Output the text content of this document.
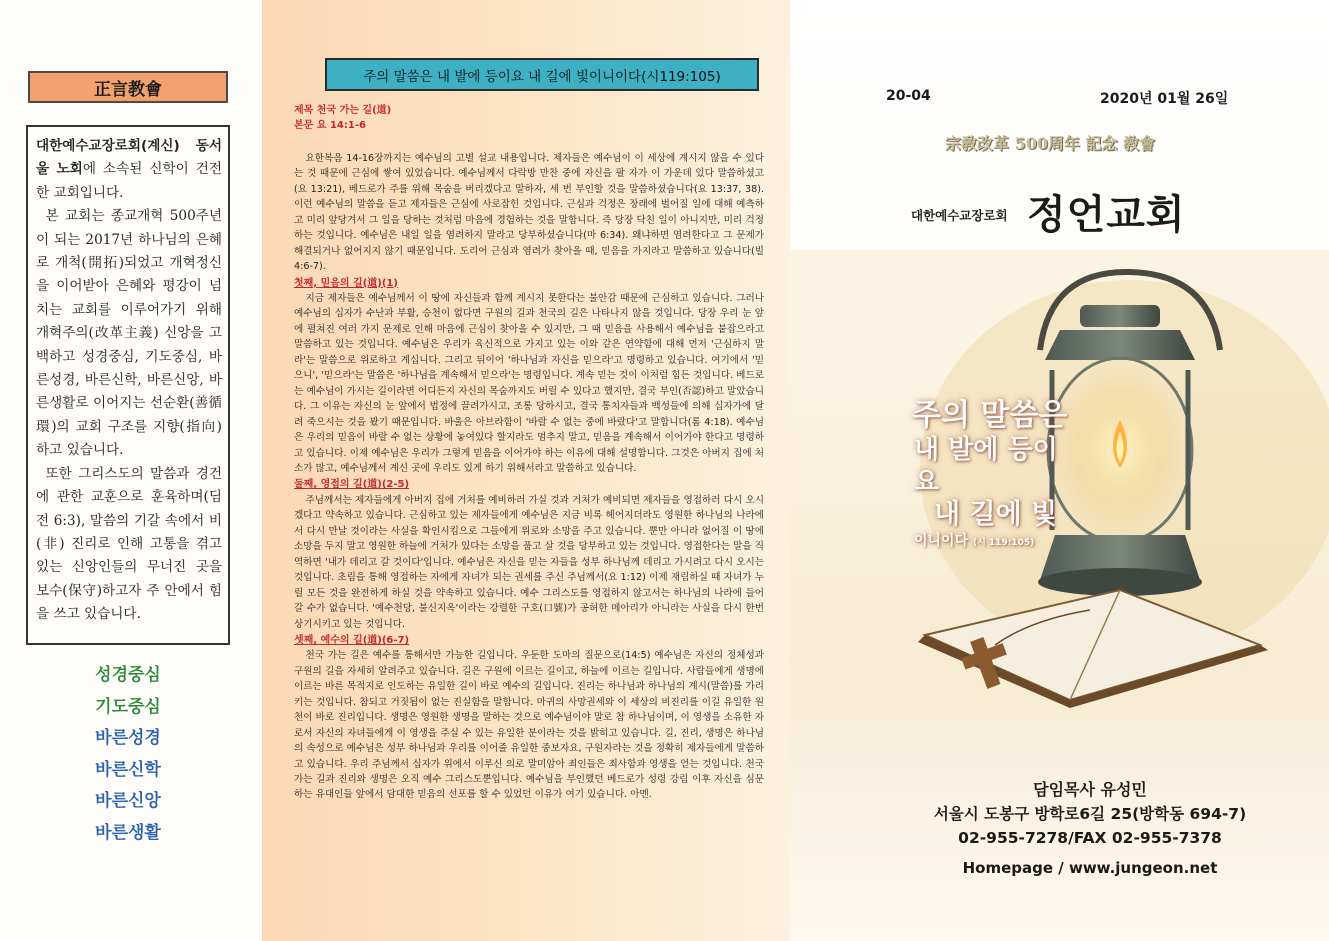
正言教會

대한예수교장로회(계신) 동서울 노회에 소속된 신학이 건전한 교회입니다.

본 교회는 종교개혁 500주년이 되는 2017년 하나님의 은혜로 개척(開拓)되었고 개혁정신을 이어받아 은혜와 평강이 넘치는 교회를 이루어가기 위해 개혁주의(改革主義) 신앙을 고백하고 성경중심, 기도중심, 바른성경, 바른신학, 바른신앙, 바른생활로 이어지는 선순환(善循環)의 교회 구조를 지향(指向)하고 있습니다.

또한 그리스도의 말씀과 경건에 관한 교훈으로 훈육하며(딤전 6:3), 말씀의 기갈 속에서 비(非) 진리로 인해 고통을 겪고 있는 신앙인들의 무너진 곳을 보수(保守)하고자 주 안에서 힘을 쓰고 있습니다.

성경중심
기도중심
바른성경
바른신학
바른신앙
바른생활
주의 말씀은 내 발에 등이요 내 길에 빛이니이다(시119:105)
제목 천국 가는 길(道)
본문 요 14:1-6

요한복음 14-16장까지는 예수님의 고별 설교 내용입니다. 제자들은 예수님이 이 세상에 계시지 않을 수 있다는 것 때문에 근심에 쌓여 있었습니다. 예수님께서 다락방 만찬 중에 자신을 팔 자가 이 가운데 있다 말씀하셨고(요 13:21), 베드로가 주를 위해 목숨을 버리겠다고 말하자, 세 번 부인할 것을 말씀하셨습니다(요 13:37, 38). 이런 예수님의 말씀을 듣고 제자들은 근심에 사로잡힌 것입니다. 근심과 걱정은 장래에 벌어질 일에 대해 예측하고 미리 앞당겨서 그 일을 당하는 것처럼 마음에 경험하는 것을 말합니다. 즉 당장 닥친 일이 아니지만, 미리 걱정하는 것입니다. 예수님은 내일 일을 염려하지 말라고 당부하셨습니다(마 6:34). 왜냐하면 염려한다고 그 문제가 해결되거나 없어지지 않기 때문입니다. 도리어 근심과 염려가 찾아올 때, 믿음을 가지라고 말씀하고 있습니다(빌 4:6-7).

첫째, 믿음의 길(道)(1)

지금 제자들은 예수님께서 이 땅에 자신들과 함께 계시지 못한다는 불안감 때문에 근심하고 있습니다. 그러나 예수님의 십자가 수난과 부활, 승천이 없다면 구원의 길과 천국의 길은 나타나지 않을 것입니다. 당장 우리 눈 앞에 펼쳐진 여러 가지 문제로 인해 마음에 근심이 찾아올 수 있지만, 그 때 믿음을 사용해서 예수님을 붙잡으라고 말씀하고 있는 것입니다. 예수님은 우리가 육신적으로 가지고 있는 이와 같은 연약함에 대해 먼저 '근심하지 말라'는 말씀으로 위로하고 계십니다. 그리고 뒤이어 '하나님과 자신을 믿으라'고 명령하고 있습니다. 여기에서 '믿으니', '믿으라'는 말씀은 '하나님을 계속해서 믿으라'는 명령입니다. 계속 믿는 것이 이처럼 힘든 것입니다. 베드로는 예수님이 가시는 길이라면 어디든지 자신의 목숨까지도 버릴 수 있다고 했지만, 결국 부인(否認)하고 말았습니다. 그 이유는 자신의 눈 앞에서 법정에 끌려가시고, 조롱 당하시고, 결국 통치자들과 백성들에 의해 십자가에 달려 죽으시는 것을 봤기 때문입니다. 바울은 아브라함이 '바랄 수 없는 중에 바랐다'고 말합니다(롬 4:18). 예수님은 우리의 믿음이 바랄 수 없는 상황에 놓여있다 할지라도 멈추지 말고, 믿음을 계속해서 이어가야 한다고 명령하고 있습니다. 이제 예수님은 우리가 그렇게 믿음을 이어가야 하는 이유에 대해 설명합니다. 그것은 아버지 집에 처소가 많고, 예수님께서 계신 곳에 우리도 있게 하기 위해서라고 말씀하고 있습니다.

둘째, 영접의 길(道)(2-5)

주님께서는 제자들에게 아버지 집에 거처를 예비하러 가실 것과 거처가 예비되면 제자들을 영접하러 다시 오시겠다고 약속하고 있습니다. 근심하고 있는 제자들에게 예수님은 지금 비록 헤어지더라도 영원한 하나님의 나라에서 다시 만날 것이라는 사실을 확인시킴으로 그들에게 위로와 소망을 주고 있습니다. 뿐만 아니라 없어질 이 땅에 소망을 두지 말고 영원한 하늘에 거처가 있다는 소망을 품고 살 것을 당부하고 있는 것입니다. 영접한다는 말을 직역하면 '내가 데리고 갈 것이다'입니다. 예수님은 자신을 믿는 자들을 성부 하나님께 데리고 가시려고 다시 오시는 것입니다. 초림을 통해 영접하는 자에게 자녀가 되는 권세를 주신 주님께서(요 1:12) 이제 재림하실 때 자녀가 누릴 모든 것을 완전하게 하실 것을 약속하고 있습니다. 예수 그리스도를 영접하지 않고서는 하나님의 나라에 들어갈 수가 없습니다. '예수천당, 불신지옥'이라는 강렬한 구호(口號)가 공허한 메아리가 아니라는 사실을 다시 한번 상기시키고 있는 것입니다.

셋째, 예수의 길(道)(6-7)

천국 가는 길은 예수를 통해서만 가능한 길입니다. 우둔한 도마의 질문으로(14:5) 예수님은 자신의 정체성과 구원의 길을 자세히 알려주고 있습니다. 길은 구원에 이르는 길이고, 하늘에 이르는 길입니다. 사람들에게 생명에 이르는 바른 목적지로 인도하는 유일한 길이 바로 예수의 길입니다. 진리는 하나님과 하나님의 계시(말씀)를 가리키는 것입니다. 참되고 거짓됨이 없는 진실함을 말합니다. 마귀의 사망권세와 이 세상의 비진리를 이길 유일한 원천이 바로 진리입니다. 생명은 영원한 생명을 말하는 것으로 예수님이야 말로 참 하나님이며, 이 영생을 소유한 자로서 자신의 자녀들에게 이 영생을 주실 수 있는 유일한 분이라는 것을 밝히고 있습니다. 길, 진리, 생명은 하나님의 속성으로 예수님은 성부 하나님과 우리를 이어줄 유일한 중보자요, 구원자라는 것을 정확히 제자들에게 말씀하고 있습니다. 우리 주님께서 십자가 위에서 이루신 의로 말미암아 죄인들은 죄사함과 영생을 얻는 것입니다. 천국 가는 길과 진리와 생명은 오직 예수 그리스도뿐입니다. 예수님을 부인했던 베드로가 성령 강림 이후 자신을 심문하는 유대인들 앞에서 담대한 믿음의 선포를 할 수 있었던 이유가 여기 있습니다. 아멘.

20-04	2020년 01월 26일
宗敎改革 500周年 記念 敎會
대한예수교장로회 정언교회
주의 말씀은
내 발에 등이요
내 길에 빛
이니이다 (시 119:105)
담임목사 유성민
서울시 도봉구 방학로6길 25(방학동 694-7)
02-955-7278/FAX 02-955-7378
Homepage / www.jungeon.net
